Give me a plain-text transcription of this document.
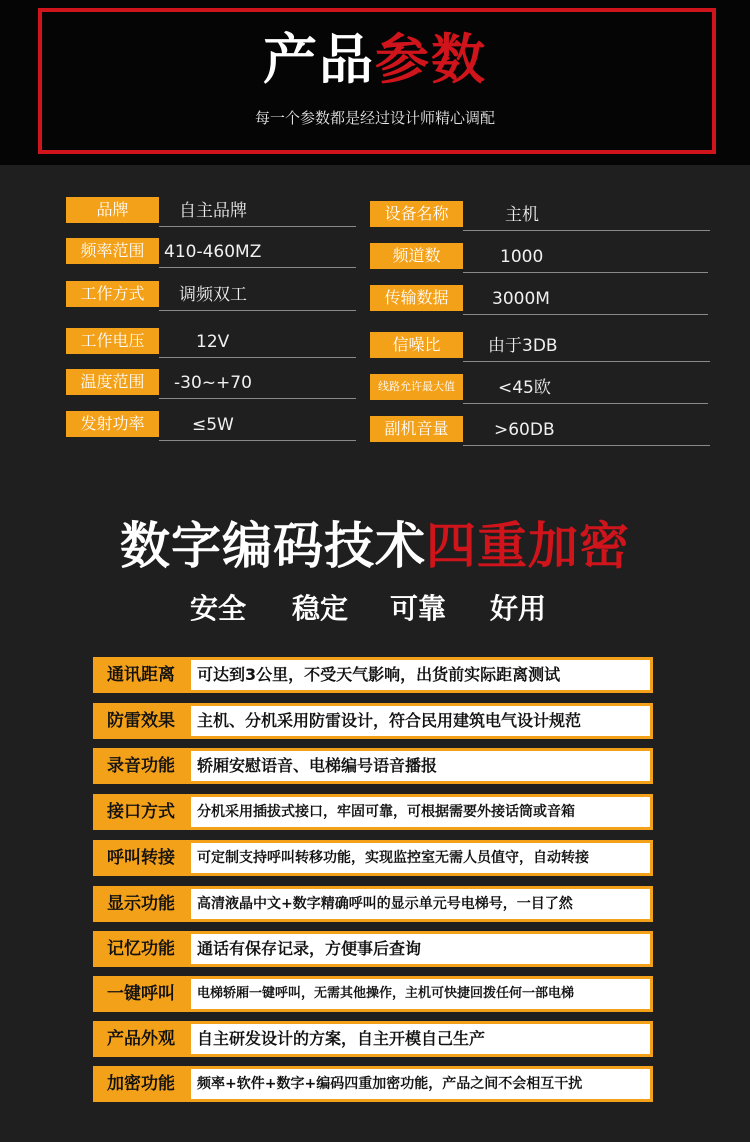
产品参数
每一个参数都是经过设计师精心调配
品牌	自主品牌	设备名称	主机
频率范围	410-460MZ	频道数	1000
工作方式	调频双工	传输数据	3000M
工作电压	12V	信噪比	由于3DB
温度范围	-30~+70	线路允许最大值	<45欧
发射功率	≤5W	副机音量	>60DB
数字编码技术四重加密
安全 稳定 可靠 好用
通讯距离	可达到3公里，不受天气影响，出货前实际距离测试
防雷效果	主机、分机采用防雷设计，符合民用建筑电气设计规范
录音功能	轿厢安慰语音、电梯编号语音播报
接口方式	分机采用插拔式接口，牢固可靠，可根据需要外接话筒或音箱
呼叫转接	可定制支持呼叫转移功能，实现监控室无需人员值守，自动转接
显示功能	高清液晶中文+数字精确呼叫的显示单元号电梯号，一目了然
记忆功能	通话有保存记录，方便事后查询
一键呼叫	电梯轿厢一键呼叫，无需其他操作，主机可快捷回拨任何一部电梯
产品外观	自主研发设计的方案，自主开模自己生产
加密功能	频率+软件+数字+编码四重加密功能，产品之间不会相互干扰
